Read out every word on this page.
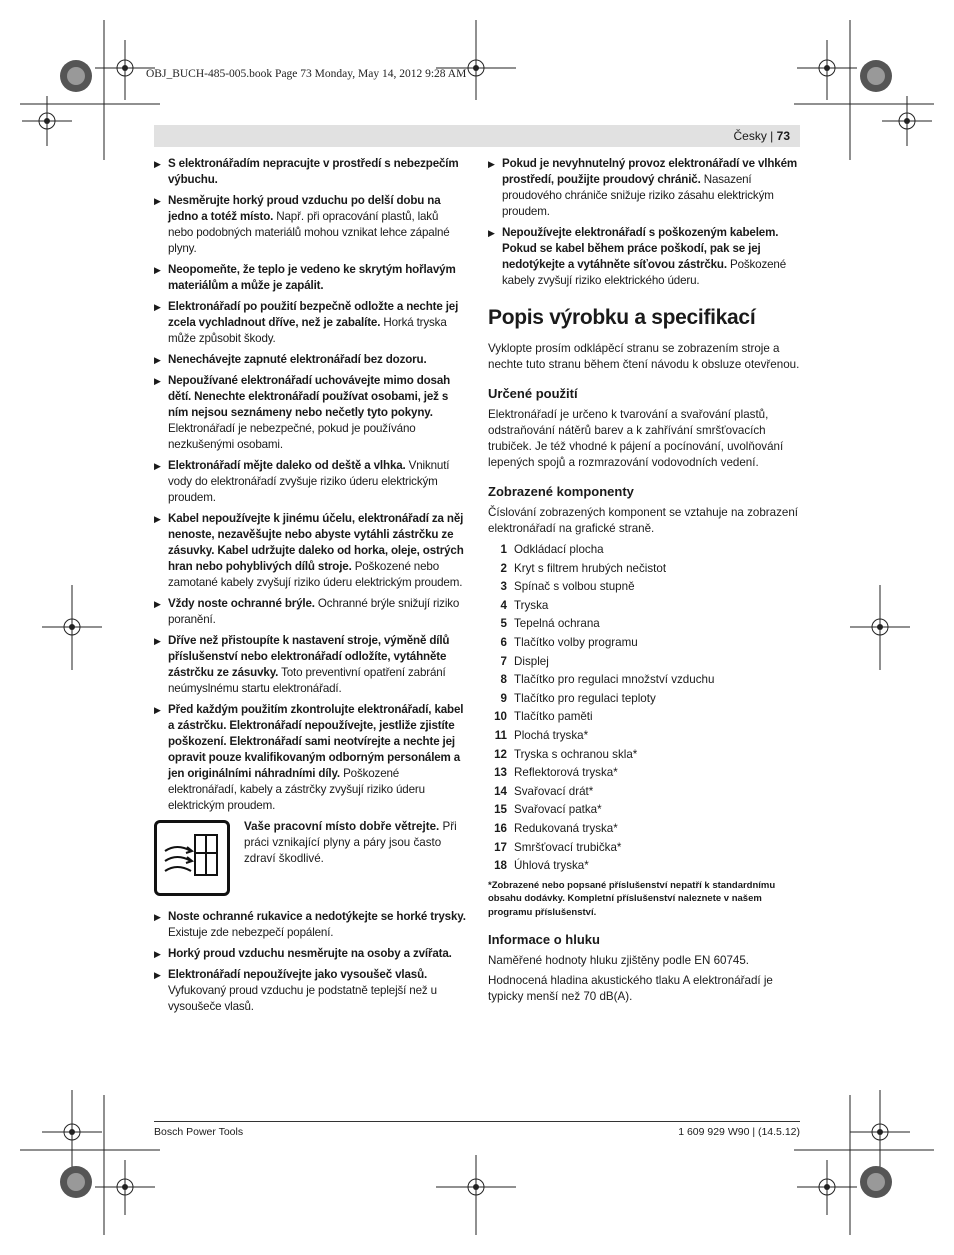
OBJ_BUCH-485-005.book Page 73 Monday, May 14, 2012 9:28 AM
Česky | 73
▶ S elektronářadím nepracujte v prostředí s nebezpečím výbuchu.
▶ Nesměrujte horký proud vzduchu po delší dobu na jedno a totéž místo. Např. při opracování plastů, laků nebo podobných materiálů mohou vznikat lehce zápalné plyny.
▶ Neopomeňte, že teplo je vedeno ke skrytým hořlavým materiálům a může je zapálit.
▶ Elektronářadí po použití bezpečně odložte a nechte jej zcela vychladnout dříve, než je zabalíte. Horká tryska může způsobit škody.
▶ Nenechávejte zapnuté elektronářadí bez dozoru.
▶ Nepoužívané elektronářadí uchovávejte mimo dosah dětí. Nenechte elektronářadí používat osobami, jež s ním nejsou seznámeny nebo nečetly tyto pokyny. Elektronářadí je nebezpečné, pokud je používáno nezkušenými osobami.
▶ Elektronářadí mějte daleko od deště a vlhka. Vniknutí vody do elektronářadí zvyšuje riziko úderu elektrickým proudem.
▶ Kabel nepoužívejte k jinému účelu, elektronářadí za něj nenoste, nezavěšujte nebo abyste vytáhli zástrčku ze zásuvky. Kabel udržujte daleko od horka, oleje, ostrých hran nebo pohyblivých dílů stroje. Poškozené nebo zamotané kabely zvyšují riziko úderu elektrickým proudem.
▶ Vždy noste ochranné brýle. Ochranné brýle snižují riziko poranění.
▶ Dříve než přistoupíte k nastavení stroje, výměně dílů příslušenství nebo elektronářadí odložíte, vytáhněte zástrčku ze zásuvky. Toto preventivní opatření zabrání neúmyslnému startu elektronářadí.
▶ Před každým použitím zkontrolujte elektronářadí, kabel a zástrčku. Elektronářadí nepoužívejte, jestliže zjistíte poškození. Elektronářadí sami neotvírejte a nechte jej opravit pouze kvalifikovaným odborným personálem a jen originálními náhradními díly. Poškozené elektronářadí, kabely a zástrčky zvyšují riziko úderu elektrickým proudem.
Vaše pracovní místo dobře větrejte. Při práci vznikající plyny a páry jsou často zdraví škodlivé.
▶ Noste ochranné rukavice a nedotýkejte se horké trysky. Existuje zde nebezpečí popálení.
▶ Horký proud vzduchu nesměrujte na osoby a zvířata.
▶ Elektronářadí nepoužívejte jako vysoušeč vlasů. Vyfukovaný proud vzduchu je podstatně teplejší než u vysoušeče vlasů.
▶ Pokud je nevyhnutelný provoz elektronářadí ve vlhkém prostředí, použijte proudový chránič. Nasazení proudového chrániče snižuje riziko zásahu elektrickým proudem.
▶ Nepoužívejte elektronářadí s poškozeným kabelem. Pokud se kabel během práce poškodí, pak se jej nedotýkejte a vytáhněte síťovou zástrčku. Poškozené kabely zvyšují riziko elektrického úderu.
Popis výrobku a specifikací

Vyklopte prosím odklápěcí stranu se zobrazením stroje a nechte tuto stranu během čtení návodu k obsluze otevřenou.

Určené použití

Elektronářadí je určeno k tvarování a svařování plastů, odstraňování nátěrů barev a k zahřívání smršťovacích trubiček. Je též vhodné k pájení a pocínování, uvolňování lepených spojů a rozmrazování vodovodních vedení.

Zobrazené komponenty

Číslování zobrazených komponent se vztahuje na zobrazení elektronářadí na grafické straně.

1 Odkládací plocha
2 Kryt s filtrem hrubých nečistot
3 Spínač s volbou stupně
4 Tryska
5 Tepelná ochrana
6 Tlačítko volby programu
7 Displej
8 Tlačítko pro regulaci množství vzduchu
9 Tlačítko pro regulaci teploty
10 Tlačítko paměti
11 Plochá tryska*
12 Tryska s ochranou skla*
13 Reflektorová tryska*
14 Svařovací drát*
15 Svařovací patka*
16 Redukovaná tryska*
17 Smršťovací trubička*
18 Úhlová tryska*
*Zobrazené nebo popsané příslušenství nepatří k standardnímu obsahu dodávky. Kompletní příslušenství naleznete v našem programu příslušenství.
Informace o hluku

Naměřené hodnoty hluku zjištěny podle EN 60745.

Hodnocená hladina akustického tlaku A elektronářadí je typicky menší než 70 dB(A).

Bosch Power Tools	1 609 929 W90 | (14.5.12)
